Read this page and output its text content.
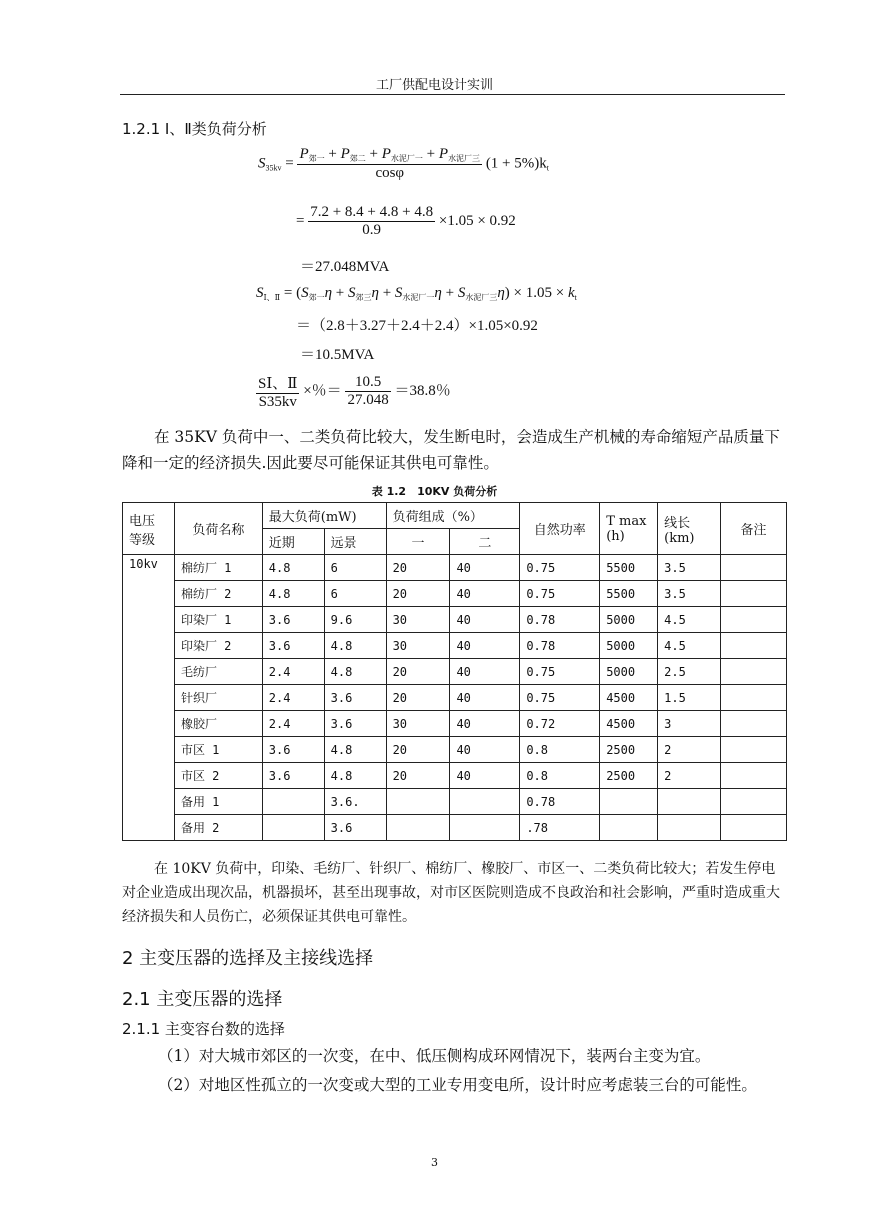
工厂供配电设计实训
1.2.1 Ⅰ、Ⅱ类负荷分析
$S_{35kv} = \frac{P_{郊一} + P_{郊二} + P_{水泥厂一} + P_{水泥厂三}}{\cos\varphi} (1 + 5\%)k_t$
= $\frac{7.2 + 8.4 + 4.8 + 4.8}{0.9} \times 1.05 \times 0.92$
＝27.048MVA
$S_{Ⅰ、Ⅱ} = (S_{郊一}\eta + S_{郊三}\eta + S_{水泥厂一}\eta + S_{水泥厂三}\eta) \times 1.05 \times k_t$
＝（2.8＋3.27＋2.4＋2.4）×1.05×0.92
＝10.5MVA
$\frac{\text{SⅠ、Ⅱ}}{S35kv}$ ×％＝ $\frac{10.5}{27.048} =38.8$％
在 35KV 负荷中一、二类负荷比较大，发生断电时，会造成生产机械的寿命缩短产品质量下降和一定的经济损失.因此要尽可能保证其供电可靠性。
表 1.2　10KV 负荷分析
电压等级	负荷名称	最大负荷(mW)		负荷组成（%）		自然功率	T max (h)	线长(km)	备注
		近期	远景	一	二				
10kv	棉纺厂 1	4.8	6	20	40	0.75	5500	3.5	
	棉纺厂 2	4.8	6	20	40	0.75	5500	3.5	
	印染厂 1	3.6	9.6	30	40	0.78	5000	4.5	
	印染厂 2	3.6	4.8	30	40	0.78	5000	4.5	
	毛纺厂	2.4	4.8	20	40	0.75	5000	2.5	
	针织厂	2.4	3.6	20	40	0.75	4500	1.5	
	橡胶厂	2.4	3.6	30	40	0.72	4500	3	
	市区 1	3.6	4.8	20	40	0.8	2500	2	
	市区 2	3.6	4.8	20	40	0.8	2500	2	
	备用 1		3.6.			0.78			
	备用 2		3.6			.78			
在 10KV 负荷中，印染、毛纺厂、针织厂、棉纺厂、橡胶厂、市区一、二类负荷比较大；若发生停电对企业造成出现次品，机器损坏，甚至出现事故，对市区医院则造成不良政治和社会影响，严重时造成重大经济损失和人员伤亡，必须保证其供电可靠性。
2 主变压器的选择及主接线选择
2.1 主变压器的选择
2.1.1 主变容台数的选择
（1）对大城市郊区的一次变，在中、低压侧构成环网情况下，装两台主变为宜。
（2）对地区性孤立的一次变或大型的工业专用变电所，设计时应考虑装三台的可能性。
3
